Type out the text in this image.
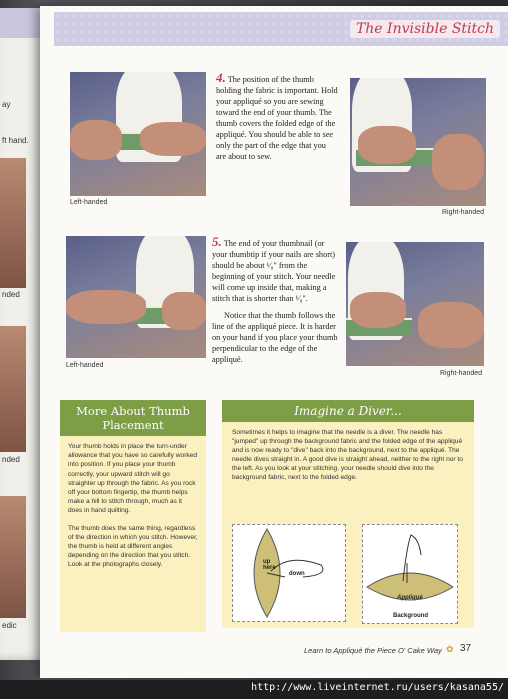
ay
ft hand.
nded
nded
edic
The Invisible Stitch
Left-handed

4. The position of the thumb holding the fabric is important. Hold your appliqué so you are sewing toward the end of your thumb. The thumb covers the folded edge of the appliqué. You should be able to see only the part of the edge that you are about to sew.

Right-handed
Left-handed

5. The end of your thumbnail (or your thumbtip if your nails are short) should be about ¹⁄₈" from the beginning of your stitch. Your needle will come up inside that, making a stitch that is shorter than ¹⁄₈".

Notice that the thumb follows the line of the appliqué piece. It is harder on your hand if you place your thumb perpendicular to the edge of the appliqué.

Right-handed
More About Thumb Placement

Your thumb holds in place the turn-under allowance that you have so carefully worked into position. If you place your thumb correctly, your upward stitch will go straighter up through the fabric. As you rock off your bottom fingertip, the thumb helps make a hill to stitch through, much as it does in hand quilting.

The thumb does the same thing, regardless of the direction in which you stitch. However, the thumb is held at different angles depending on the direction that you stitch. Look at the photographs closely.

Imagine a Diver...
Sometimes it helps to imagine that the needle is a diver. The needle has "jumped" up through the background fabric and the folded edge of the appliqué and is now ready to "dive" back into the background, next to the appliqué. The needle dives straight in. A good dive is straight ahead, neither to the right nor to the left. As you look at your stitching, your needle should dive into the background fabric, next to the folded edge.
up here
down
Appliqué
Background
Learn to Appliqué the Piece O' Cake Way ✿ 37
http://www.liveinternet.ru/users/kasana55/
